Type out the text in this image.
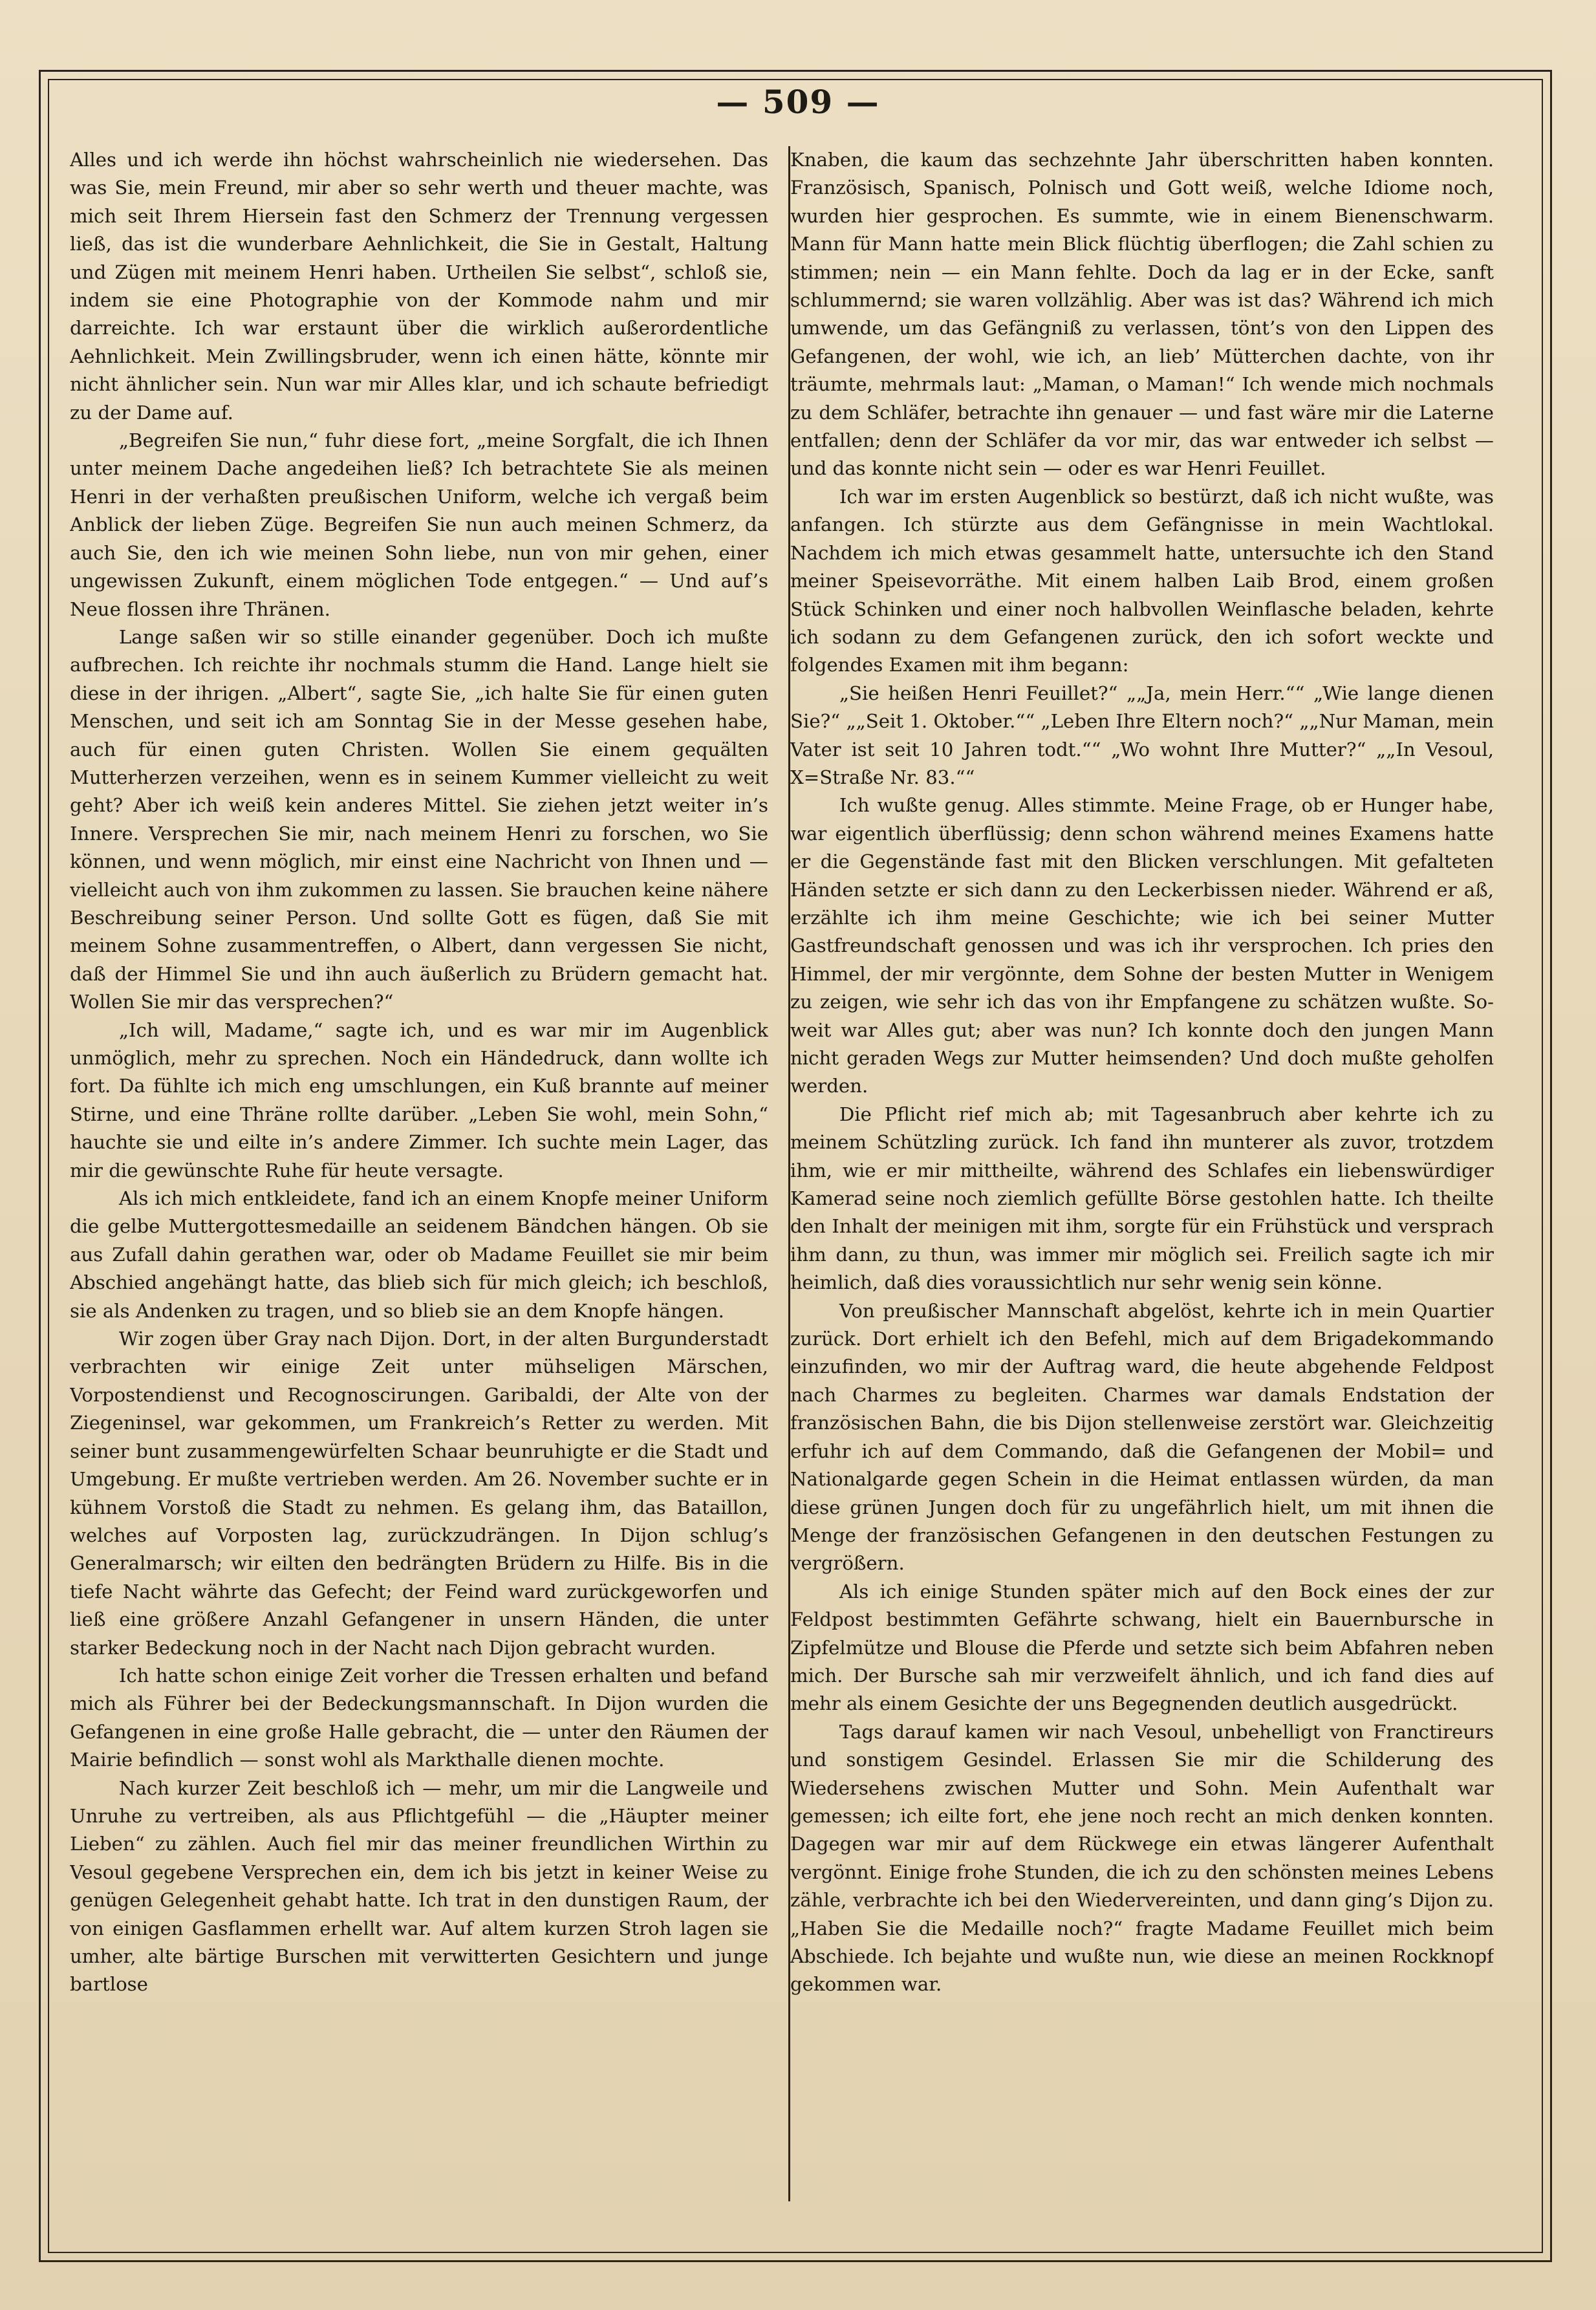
— 509 —

Alles und ich werde ihn höchst wahrscheinlich nie wiedersehen. Das was Sie, mein Freund, mir aber so sehr werth und theuer machte, was mich seit Ihrem Hiersein fast den Schmerz der Trennung vergessen ließ, das ist die wunderbare Aehnlichkeit, die Sie in Gestalt, Haltung und Zügen mit meinem Henri haben. Urtheilen Sie selbst“, schloß sie, indem sie eine Photographie von der Kommode nahm und mir darreichte. Ich war erstaunt über die wirklich außerordentliche Aehnlichkeit. Mein Zwillingsbruder, wenn ich einen hätte, könnte mir nicht ähnlicher sein. Nun war mir Alles klar, und ich schaute befriedigt zu der Dame auf.

„Begreifen Sie nun,“ fuhr diese fort, „meine Sorgfalt, die ich Ihnen unter meinem Dache angedeihen ließ? Ich betrachtete Sie als meinen Henri in der verhaßten preußischen Uniform, welche ich vergaß beim Anblick der lieben Züge. Begreifen Sie nun auch meinen Schmerz, da auch Sie, den ich wie meinen Sohn liebe, nun von mir gehen, einer ungewissen Zukunft, einem möglichen Tode entgegen.“ — Und auf’s Neue flossen ihre Thränen.

Lange saßen wir so stille einander gegenüber. Doch ich mußte aufbrechen. Ich reichte ihr nochmals stumm die Hand. Lange hielt sie diese in der ihrigen. „Albert“, sagte Sie, „ich halte Sie für einen guten Menschen, und seit ich am Sonntag Sie in der Messe gesehen habe, auch für einen guten Christen. Wollen Sie einem gequälten Mutterherzen verzeihen, wenn es in seinem Kummer vielleicht zu weit geht? Aber ich weiß kein anderes Mittel. Sie ziehen jetzt weiter in’s Innere. Versprechen Sie mir, nach meinem Henri zu forschen, wo Sie können, und wenn möglich, mir einst eine Nachricht von Ihnen und — vielleicht auch von ihm zukommen zu lassen. Sie brauchen keine nähere Beschreibung seiner Person. Und sollte Gott es fügen, daß Sie mit meinem Sohne zusammentreffen, o Albert, dann vergessen Sie nicht, daß der Himmel Sie und ihn auch äußerlich zu Brüdern gemacht hat. Wollen Sie mir das versprechen?“

„Ich will, Madame,“ sagte ich, und es war mir im Augenblick unmöglich, mehr zu sprechen. Noch ein Händedruck, dann wollte ich fort. Da fühlte ich mich eng umschlungen, ein Kuß brannte auf meiner Stirne, und eine Thräne rollte darüber. „Leben Sie wohl, mein Sohn,“ hauchte sie und eilte in’s andere Zimmer. Ich suchte mein Lager, das mir die gewünschte Ruhe für heute versagte.

Als ich mich entkleidete, fand ich an einem Knopfe meiner Uniform die gelbe Muttergottesmedaille an seidenem Bändchen hängen. Ob sie aus Zufall dahin gerathen war, oder ob Madame Feuillet sie mir beim Abschied angehängt hatte, das blieb sich für mich gleich; ich beschloß, sie als Andenken zu tragen, und so blieb sie an dem Knopfe hängen.

Wir zogen über Gray nach Dijon. Dort, in der alten Burgunderstadt verbrachten wir einige Zeit unter mühseligen Märschen, Vorpostendienst und Recognoscirungen. Garibaldi, der Alte von der Ziegeninsel, war gekommen, um Frankreich’s Retter zu werden. Mit seiner bunt zusammengewürfelten Schaar beunruhigte er die Stadt und Umgebung. Er mußte vertrieben werden. Am 26. November suchte er in kühnem Vorstoß die Stadt zu nehmen. Es gelang ihm, das Bataillon, welches auf Vorposten lag, zurückzudrängen. In Dijon schlug’s Generalmarsch; wir eilten den bedrängten Brüdern zu Hilfe. Bis in die tiefe Nacht währte das Gefecht; der Feind ward zurückgeworfen und ließ eine größere Anzahl Gefangener in unsern Händen, die unter starker Bedeckung noch in der Nacht nach Dijon gebracht wurden.

Ich hatte schon einige Zeit vorher die Tressen erhalten und befand mich als Führer bei der Bedeckungsmannschaft. In Dijon wurden die Gefangenen in eine große Halle gebracht, die — unter den Räumen der Mairie befindlich — sonst wohl als Markthalle dienen mochte.

Nach kurzer Zeit beschloß ich — mehr, um mir die Langweile und Unruhe zu vertreiben, als aus Pflichtgefühl — die „Häupter meiner Lieben“ zu zählen. Auch fiel mir das meiner freundlichen Wirthin zu Vesoul gegebene Versprechen ein, dem ich bis jetzt in keiner Weise zu genügen Gelegenheit gehabt hatte. Ich trat in den dunstigen Raum, der von einigen Gasflammen erhellt war. Auf altem kurzen Stroh lagen sie umher, alte bärtige Burschen mit verwitterten Gesichtern und junge bartlose

Knaben, die kaum das sechzehnte Jahr überschritten haben konnten. Französisch, Spanisch, Polnisch und Gott weiß, welche Idiome noch, wurden hier gesprochen. Es summte, wie in einem Bienenschwarm. Mann für Mann hatte mein Blick flüchtig überflogen; die Zahl schien zu stimmen; nein — ein Mann fehlte. Doch da lag er in der Ecke, sanft schlummernd; sie waren vollzählig. Aber was ist das? Während ich mich umwende, um das Gefängniß zu verlassen, tönt’s von den Lippen des Gefangenen, der wohl, wie ich, an lieb’ Mütterchen dachte, von ihr träumte, mehrmals laut: „Maman, o Maman!“ Ich wende mich nochmals zu dem Schläfer, betrachte ihn genauer — und fast wäre mir die Laterne entfallen; denn der Schläfer da vor mir, das war entweder ich selbst — und das konnte nicht sein — oder es war Henri Feuillet.

Ich war im ersten Augenblick so bestürzt, daß ich nicht wußte, was anfangen. Ich stürzte aus dem Gefängnisse in mein Wachtlokal. Nachdem ich mich etwas gesammelt hatte, untersuchte ich den Stand meiner Speisevorräthe. Mit einem halben Laib Brod, einem großen Stück Schinken und einer noch halbvollen Weinflasche beladen, kehrte ich sodann zu dem Gefangenen zurück, den ich sofort weckte und folgendes Examen mit ihm begann:

„Sie heißen Henri Feuillet?“ „„Ja, mein Herr.““ „Wie lange dienen Sie?“ „„Seit 1. Oktober.““ „Leben Ihre Eltern noch?“ „„Nur Maman, mein Vater ist seit 10 Jahren todt.““ „Wo wohnt Ihre Mutter?“ „„In Vesoul, X=Straße Nr. 83.““

Ich wußte genug. Alles stimmte. Meine Frage, ob er Hunger habe, war eigentlich überflüssig; denn schon während meines Examens hatte er die Gegenstände fast mit den Blicken verschlungen. Mit gefalteten Händen setzte er sich dann zu den Leckerbissen nieder. Während er aß, erzählte ich ihm meine Geschichte; wie ich bei seiner Mutter Gastfreundschaft genossen und was ich ihr versprochen. Ich pries den Himmel, der mir vergönnte, dem Sohne der besten Mutter in Wenigem zu zeigen, wie sehr ich das von ihr Empfangene zu schätzen wußte. Soweit war Alles gut; aber was nun? Ich konnte doch den jungen Mann nicht geraden Wegs zur Mutter heimsenden? Und doch mußte geholfen werden.

Die Pflicht rief mich ab; mit Tagesanbruch aber kehrte ich zu meinem Schützling zurück. Ich fand ihn munterer als zuvor, trotzdem ihm, wie er mir mittheilte, während des Schlafes ein liebenswürdiger Kamerad seine noch ziemlich gefüllte Börse gestohlen hatte. Ich theilte den Inhalt der meinigen mit ihm, sorgte für ein Frühstück und versprach ihm dann, zu thun, was immer mir möglich sei. Freilich sagte ich mir heimlich, daß dies voraussichtlich nur sehr wenig sein könne.

Von preußischer Mannschaft abgelöst, kehrte ich in mein Quartier zurück. Dort erhielt ich den Befehl, mich auf dem Brigadekommando einzufinden, wo mir der Auftrag ward, die heute abgehende Feldpost nach Charmes zu begleiten. Charmes war damals Endstation der französischen Bahn, die bis Dijon stellenweise zerstört war. Gleichzeitig erfuhr ich auf dem Commando, daß die Gefangenen der Mobil= und Nationalgarde gegen Schein in die Heimat entlassen würden, da man diese grünen Jungen doch für zu ungefährlich hielt, um mit ihnen die Menge der französischen Gefangenen in den deutschen Festungen zu vergrößern.

Als ich einige Stunden später mich auf den Bock eines der zur Feldpost bestimmten Gefährte schwang, hielt ein Bauernbursche in Zipfelmütze und Blouse die Pferde und setzte sich beim Abfahren neben mich. Der Bursche sah mir verzweifelt ähnlich, und ich fand dies auf mehr als einem Gesichte der uns Begegnenden deutlich ausgedrückt.

Tags darauf kamen wir nach Vesoul, unbehelligt von Franctireurs und sonstigem Gesindel. Erlassen Sie mir die Schilderung des Wiedersehens zwischen Mutter und Sohn. Mein Aufenthalt war gemessen; ich eilte fort, ehe jene noch recht an mich denken konnten. Dagegen war mir auf dem Rückwege ein etwas längerer Aufenthalt vergönnt. Einige frohe Stunden, die ich zu den schönsten meines Lebens zähle, verbrachte ich bei den Wiedervereinten, und dann ging’s Dijon zu. „Haben Sie die Medaille noch?“ fragte Madame Feuillet mich beim Abschiede. Ich bejahte und wußte nun, wie diese an meinen Rockknopf gekommen war.
